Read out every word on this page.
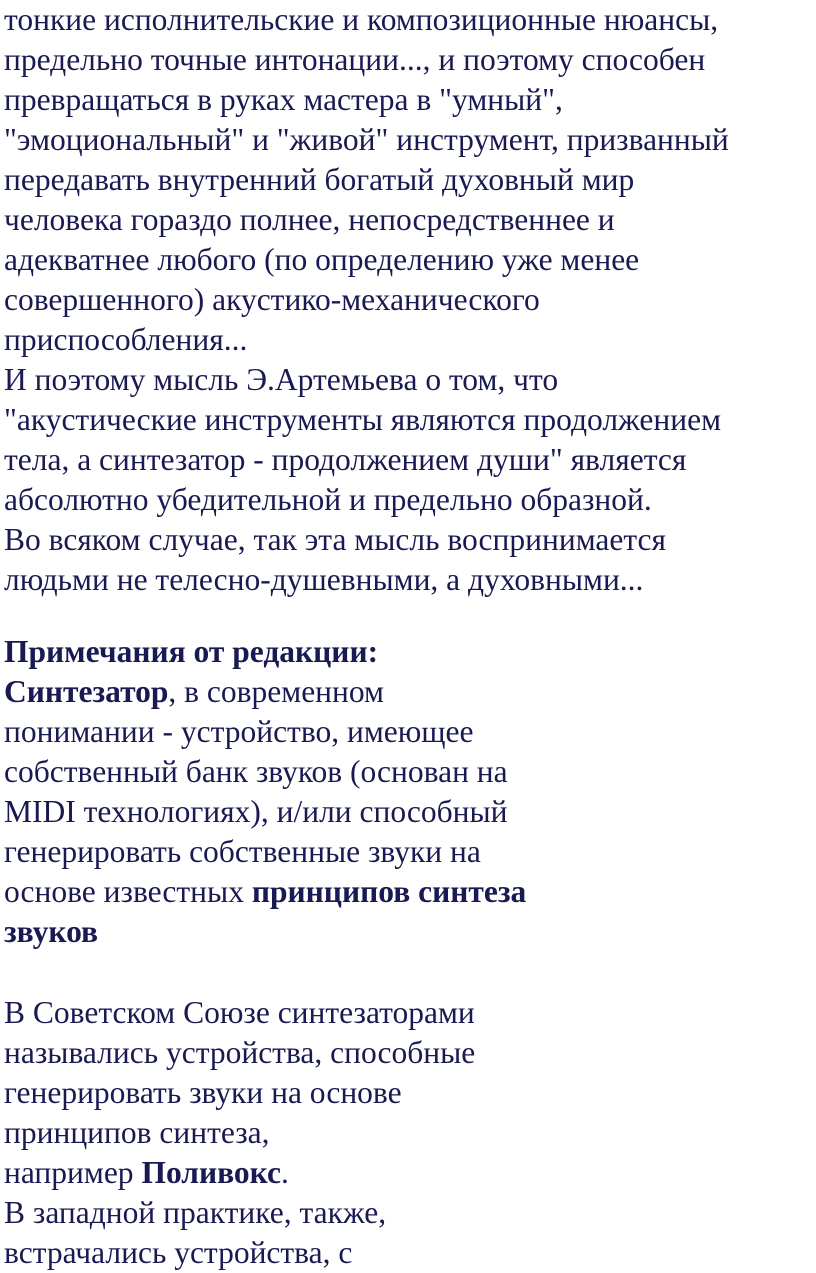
тонкие исполнительские и композиционные нюансы,
предельно точные интонации..., и поэтому способен
превращаться в руках мастера в "умный",
"эмоциональный" и "живой" инструмент, призванный
передавать внутренний богатый духовный мир
человека гораздо полнее, непосредственнее и
адекватнее любого (по определению уже менее
совершенного) акустико-механического
приспособления...
И поэтому мысль Э.Артемьева о том, что
"акустические инструменты являются продолжением
тела, а синтезатор - продолжением души" является
абсолютно убедительной и предельно образной.
Во всяком случае, так эта мысль воспринимается
людьми не телесно-душевными, а духовными...
Примечания от редакции:
Синтезатор, в современном
понимании - устройство, имеющее
собственный банк звуков (основан на
MIDI технологиях), и/или способный
генерировать собственные звуки на
основе известных принципов синтеза
звуков
В Советском Союзе синтезаторами
назывались устройства, способные
генерировать звуки на основе
принципов синтеза,
например Поливокс.
В западной практике, также,
встрачались устройства, с
